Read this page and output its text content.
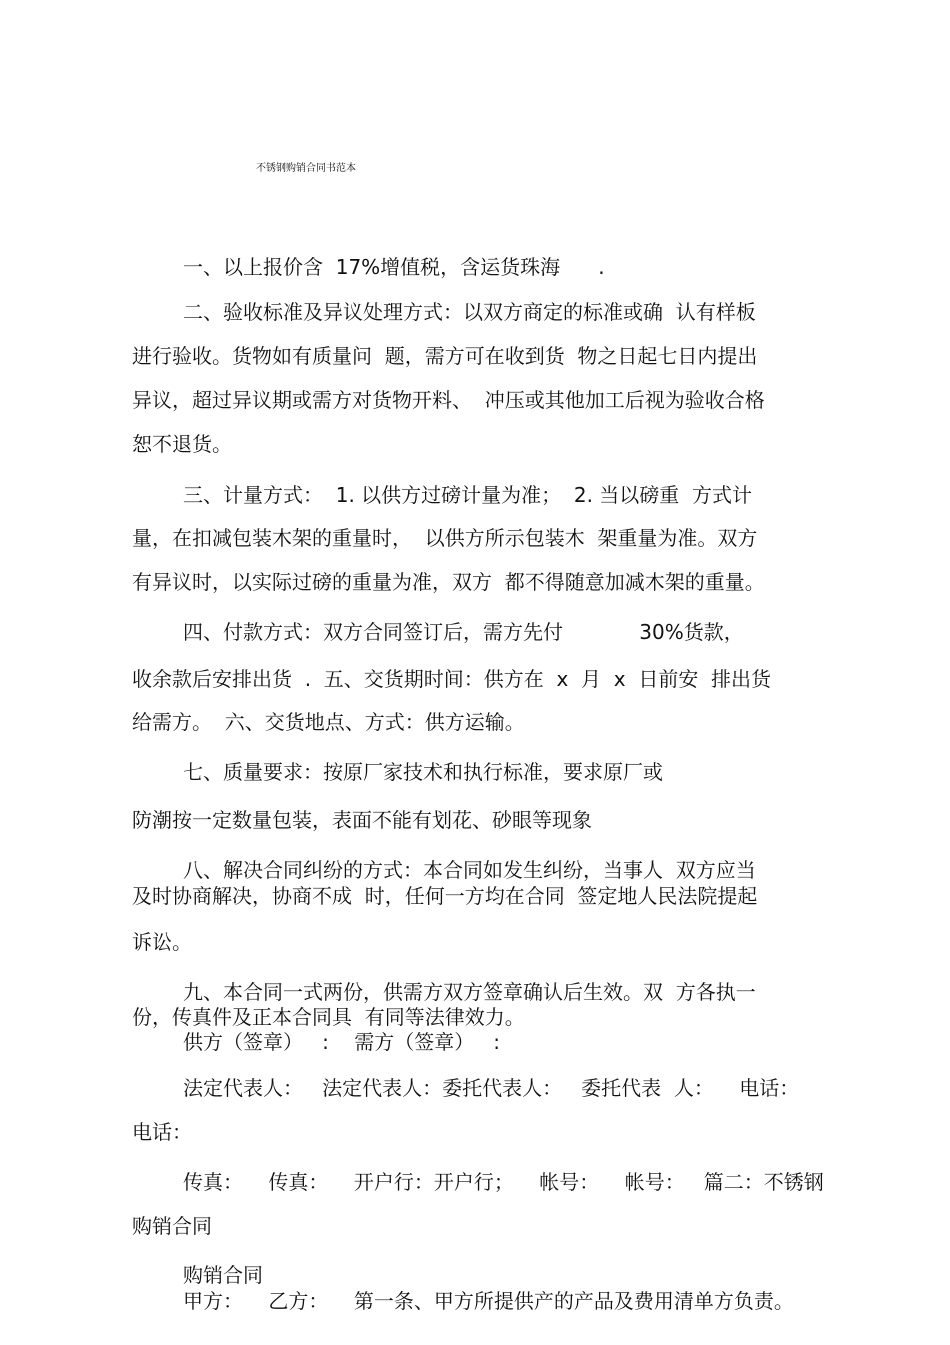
不锈钢购销合同书范本
一、以上报价含  17%增值税，含运货珠海      .
二、验收标准及异议处理方式：以双方商定的标准或确  认有样板
进行验收。货物如有质量问  题，需方可在收到货  物之日起七日内提出
异议，超过异议期或需方对货物开料、  冲压或其他加工后视为验收合格
恕不退货。
三、计量方式：  1. 以供方过磅计量为准；  2. 当以磅重  方式计
量，在扣减包装木架的重量时，  以供方所示包装木  架重量为准。双方
有异议时，以实际过磅的重量为准，双方  都不得随意加减木架的重量。
四、付款方式：双方合同签订后，需方先付            30%货款，
收余款后安排出货  .  五、交货期时间：供方在  x  月  x  日前安  排出货
给需方。  六、交货地点、方式：供方运输。
七、质量要求：按原厂家技术和执行标准，要求原厂或
防潮按一定数量包装，表面不能有划花、砂眼等现象
八、解决合同纠纷的方式：本合同如发生纠纷，当事人  双方应当
及时协商解决，协商不成  时，任何一方均在合同  签定地人民法院提起
诉讼。
九、本合同一式两份，供需方双方签章确认后生效。双  方各执一
份，传真件及正本合同具  有同等法律效力。
供方（签章）   :    需方（签章）   :
法定代表人：   法定代表人：委托代表人：   委托代表  人：    电话：
电话：
传真：    传真：    开户行：开户行；    帐号：    帐号：   篇二：不锈钢
购销合同
购销合同
甲方：    乙方：    第一条、甲方所提供产的产品及费用清单方负责。
